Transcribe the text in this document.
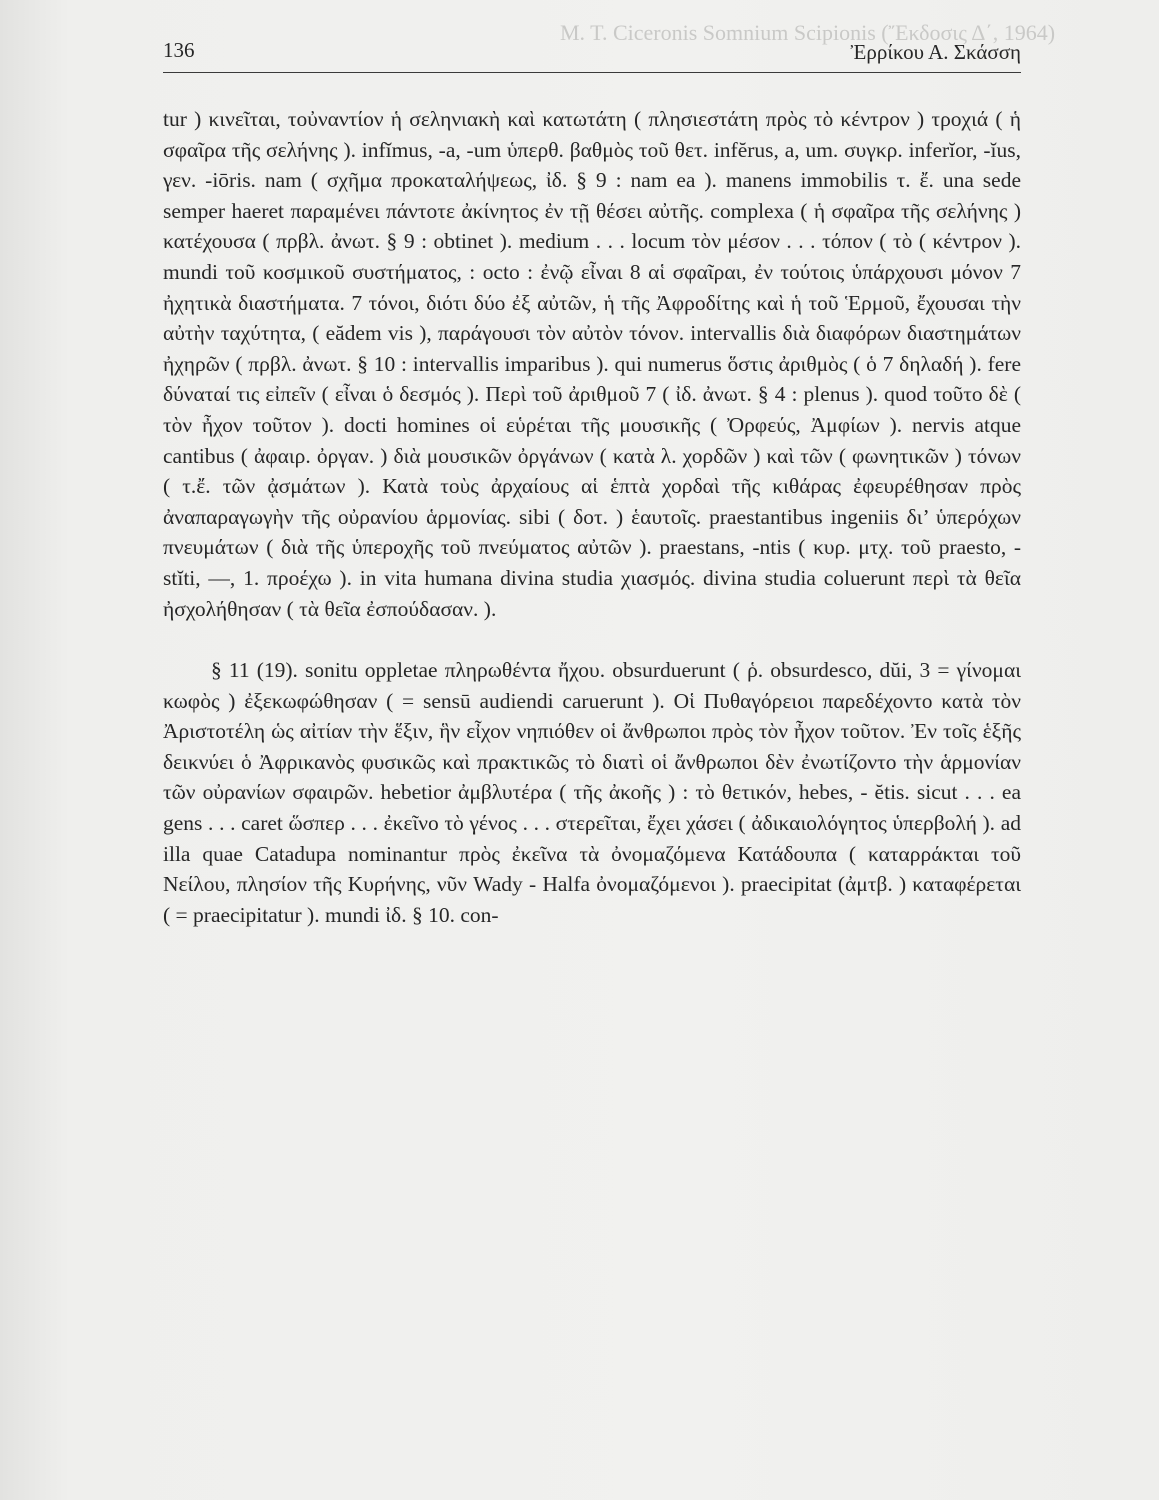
M. T. Ciceronis Somnium Scipionis (Ἔκδοσις Δ΄, 1964)
136	Ἐρρίκου Α. Σκάσση

tur ) κινεῖται, τοὐναντίον ἡ σεληνιακὴ καὶ κατωτάτη ( πλησιεστάτη πρὸς τὸ κέντρον ) τροχιά ( ἡ σφαῖρα τῆς σελήνης ). infĭmus, -a, -um ὑπερθ. βαθμὸς τοῦ θετ. infĕrus, a, um. συγκρ. inferĭor, -ĭus, γεν. -iōris. nam ( σχῆμα προκαταλήψεως, ἰδ. § 9 : nam ea ). manens immobilis τ. ἔ. una sede semper haeret παραμένει πάντοτε ἀκίνητος ἐν τῇ θέσει αὐτῆς. complexa ( ἡ σφαῖρα τῆς σελήνης ) κατέχουσα ( πρβλ. ἀνωτ. § 9 : obtinet ). medium . . . locum τὸν μέσον . . . τόπον ( τὸ ( κέντρον ). mundi τοῦ κοσμικοῦ συστήματος, : octo : ἐνῷ εἶναι 8 αἱ σφαῖραι, ἐν τούτοις ὑπάρχουσι μόνον 7 ἠχητικὰ διαστήματα. 7 τόνοι, διότι δύο ἐξ αὐτῶν, ἡ τῆς Ἀφροδίτης καὶ ἡ τοῦ Ἑρμοῦ, ἔχουσαι τὴν αὐτὴν ταχύτητα, ( eădem vis ), παράγουσι τὸν αὐτὸν τόνον. intervallis διὰ διαφόρων διαστημάτων ἠχηρῶν ( πρβλ. ἀνωτ. § 10 : intervallis imparibus ). qui numerus ὅστις ἀριθμὸς ( ὁ 7 δηλαδή ). fere δύναταί τις εἰπεῖν ( εἶναι ὁ δεσμός ). Περὶ τοῦ ἀριθμοῦ 7 ( ἰδ. ἀνωτ. § 4 : plenus ). quod τοῦτο δὲ ( τὸν ἦχον τοῦτον ). docti homines οἱ εὑρέται τῆς μουσικῆς ( Ὀρφεύς, Ἀμφίων ). nervis atque cantibus ( ἀφαιρ. ὀργαν. ) διὰ μουσικῶν ὀργάνων ( κατὰ λ. χορδῶν ) καὶ τῶν ( φωνητικῶν ) τόνων ( τ.ἔ. τῶν ᾀσμάτων ). Κατὰ τοὺς ἀρχαίους αἱ ἑπτὰ χορδαὶ τῆς κιθάρας ἐφευρέθησαν πρὸς ἀναπαραγωγὴν τῆς οὐρανίου ἁρμονίας. sibi ( δοτ. ) ἑαυτοῖς. praestantibus ingeniis δι’ ὑπερόχων πνευμάτων ( διὰ τῆς ὑπεροχῆς τοῦ πνεύματος αὐτῶν ). praestans, -ntis ( κυρ. μτχ. τοῦ praesto, -stĭti, —, 1. προέχω ). in vita humana divina studia χιασμός. divina studia coluerunt περὶ τὰ θεῖα ἠσχολήθησαν ( τὰ θεῖα ἐσπούδασαν. ).

§ 11 (19). sonitu oppletae πληρωθέντα ἤχου. obsurduerunt ( ῥ. obsurdesco, dŭi, 3 = γίνομαι κωφὸς ) ἐξεκωφώθησαν ( = sensū audiendi caruerunt ). Οἱ Πυθαγόρειοι παρεδέχοντο κατὰ τὸν Ἀριστοτέλη ὡς αἰτίαν τὴν ἕξιν, ἣν εἶχον νηπιόθεν οἱ ἄνθρωποι πρὸς τὸν ἦχον τοῦτον. Ἐν τοῖς ἑξῆς δεικνύει ὁ Ἀφρικανὸς φυσικῶς καὶ πρακτικῶς τὸ διατὶ οἱ ἄνθρωποι δὲν ἐνωτίζοντο τὴν ἁρμονίαν τῶν οὐρανίων σφαιρῶν. hebetior ἀμβλυτέρα ( τῆς ἀκοῆς ) : τὸ θετικόν, hebes, - ĕtis. sicut . . . ea gens . . . caret ὥσπερ . . . ἐκεῖνο τὸ γένος . . . στερεῖται, ἔχει χάσει ( ἀδικαιολόγητος ὑπερβολή ). ad illa quae Catadupa nominantur πρὸς ἐκεῖνα τὰ ὀνομαζόμενα Κατάδουπα ( καταρράκται τοῦ Νείλου, πλησίον τῆς Κυρήνης, νῦν Wady - Halfa ὀνομαζόμενοι ). praecipitat (ἀμτβ. ) καταφέρεται ( = praecipitatur ). mundi ἰδ. § 10. con-
